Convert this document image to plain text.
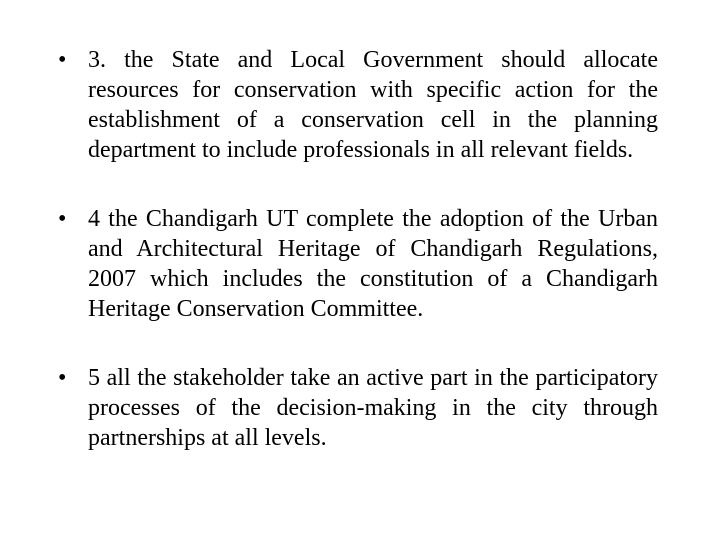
• 3. the State and Local Government should allocate resources for conservation with specific action for the establishment of a conservation cell in the planning department to include professionals in all relevant fields.
• 4 the Chandigarh UT complete the adoption of the Urban and Architectural Heritage of Chandigarh Regulations, 2007 which includes the constitution of a Chandigarh Heritage Conservation Committee.
• 5 all the stakeholder take an active part in the participatory processes of the decision-making in the city through partnerships at all levels.
